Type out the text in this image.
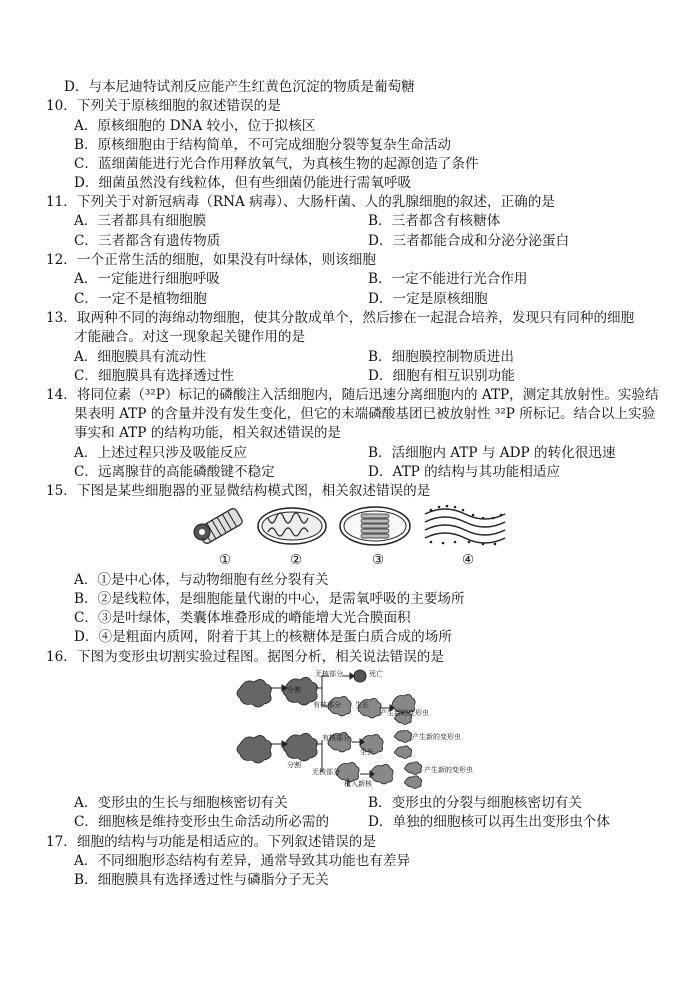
D．与本尼迪特试剂反应能产生红黄色沉淀的物质是葡萄糖
10．下列关于原核细胞的叙述错误的是
A．原核细胞的 DNA 较小，位于拟核区
B．原核细胞由于结构简单，不可完成细胞分裂等复杂生命活动
C．蓝细菌能进行光合作用释放氧气，为真核生物的起源创造了条件
D．细菌虽然没有线粒体，但有些细菌仍能进行需氧呼吸
11．下列关于对新冠病毒（RNA 病毒）、大肠杆菌、人的乳腺细胞的叙述，正确的是
A．三者都具有细胞膜	B．三者都含有核糖体
C．三者都含有遗传物质	D．三者都能合成和分泌分泌蛋白
12．一个正常生活的细胞，如果没有叶绿体，则该细胞
A．一定能进行细胞呼吸	B．一定不能进行光合作用
C．一定不是植物细胞	D．一定是原核细胞
13．取两种不同的海绵动物细胞，使其分散成单个，然后掺在一起混合培养，发现只有同种的细胞
才能融合。对这一现象起关键作用的是
A．细胞膜具有流动性	B．细胞膜控制物质进出
C．细胞膜具有选择透过性	D．细胞有相互识别功能
14．将同位素（³²P）标记的磷酸注入活细胞内，随后迅速分离细胞内的 ATP，测定其放射性。实验结
果表明 ATP 的含量并没有发生变化，但它的末端磷酸基团已被放射性 ³²P 所标记。结合以上实验
事实和 ATP 的结构功能，相关叙述错误的是
A．上述过程只涉及吸能反应	B．活细胞内 ATP 与 ADP 的转化很迅速
C．远离腺苷的高能磷酸键不稳定	D．ATP 的结构与其功能相适应
15．下图是某些细胞器的亚显微结构模式图，相关叙述错误的是
①	②	③	④
A．①是中心体，与动物细胞有丝分裂有关
B．②是线粒体，是细胞能量代谢的中心，是需氧呼吸的主要场所
C．③是叶绿体，类囊体堆叠形成的嵴能增大光合膜面积
D．④是粗面内质网，附着于其上的核糖体是蛋白质合成的场所
16．下图为变形虫切割实验过程图。据图分析，相关说法错误的是
分割
无核部分	死亡
有核部分 生长
产生新的变形虫
分割
有核部分
生长
产生新的变形虫
无核部分	产生新的变形虫
植入新核
A．变形虫的生长与细胞核密切有关	B．变形虫的分裂与细胞核密切有关
C．细胞核是维持变形虫生命活动所必需的	D．单独的细胞核可以再生出变形虫个体
17．细胞的结构与功能是相适应的。下列叙述错误的是
A．不同细胞形态结构有差异，通常导致其功能也有差异
B．细胞膜具有选择透过性与磷脂分子无关
